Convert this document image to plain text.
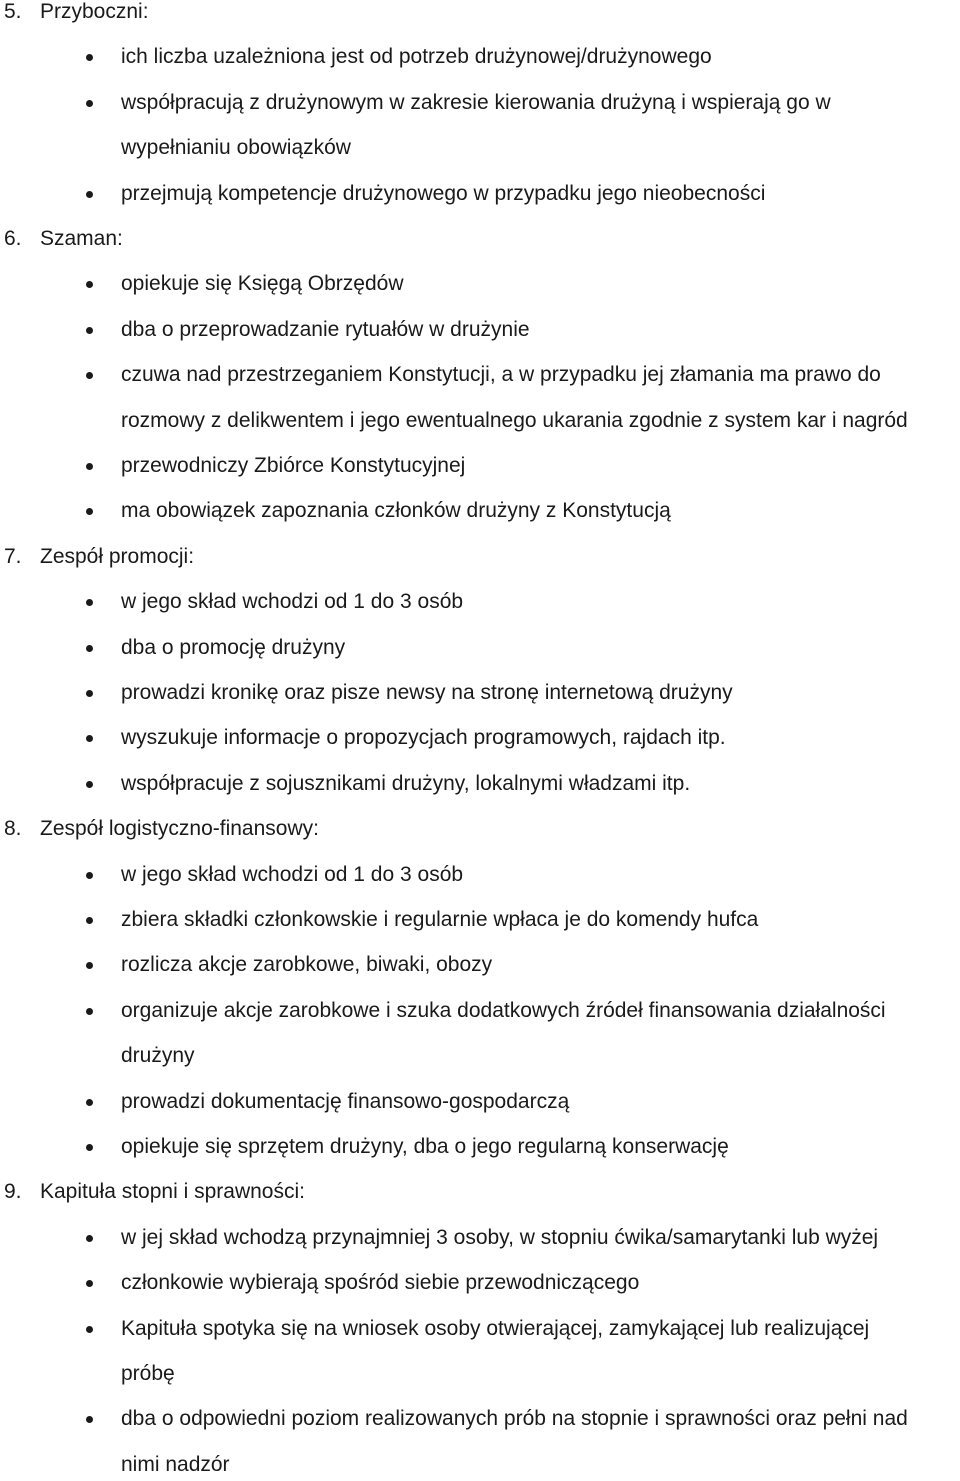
5. Przyboczni:
ich liczba uzależniona jest od potrzeb drużynowej/drużynowego
współpracują z drużynowym w zakresie kierowania drużyną i wspierają go w
wypełnianiu obowiązków
przejmują kompetencje drużynowego w przypadku jego nieobecności
6. Szaman:
opiekuje się Księgą Obrzędów
dba o przeprowadzanie rytuałów w drużynie
czuwa nad przestrzeganiem Konstytucji, a w przypadku jej złamania ma prawo do
rozmowy z delikwentem i jego ewentualnego ukarania zgodnie z system kar i nagród
przewodniczy Zbiórce Konstytucyjnej
ma obowiązek zapoznania członków drużyny z Konstytucją
7. Zespół promocji:
w jego skład wchodzi od 1 do 3 osób
dba o promocję drużyny
prowadzi kronikę oraz pisze newsy na stronę internetową drużyny
wyszukuje informacje o propozycjach programowych, rajdach itp.
współpracuje z sojusznikami drużyny, lokalnymi władzami itp.
8. Zespół logistyczno-finansowy:
w jego skład wchodzi od 1 do 3 osób
zbiera składki członkowskie i regularnie wpłaca je do komendy hufca
rozlicza akcje zarobkowe, biwaki, obozy
organizuje akcje zarobkowe i szuka dodatkowych źródeł finansowania działalności
drużyny
prowadzi dokumentację finansowo-gospodarczą
opiekuje się sprzętem drużyny, dba o jego regularną konserwację
9. Kapituła stopni i sprawności:
w jej skład wchodzą przynajmniej 3 osoby, w stopniu ćwika/samarytanki lub wyżej
członkowie wybierają spośród siebie przewodniczącego
Kapituła spotyka się na wniosek osoby otwierającej, zamykającej lub realizującej
próbę
dba o odpowiedni poziom realizowanych prób na stopnie i sprawności oraz pełni nad
nimi nadzór
